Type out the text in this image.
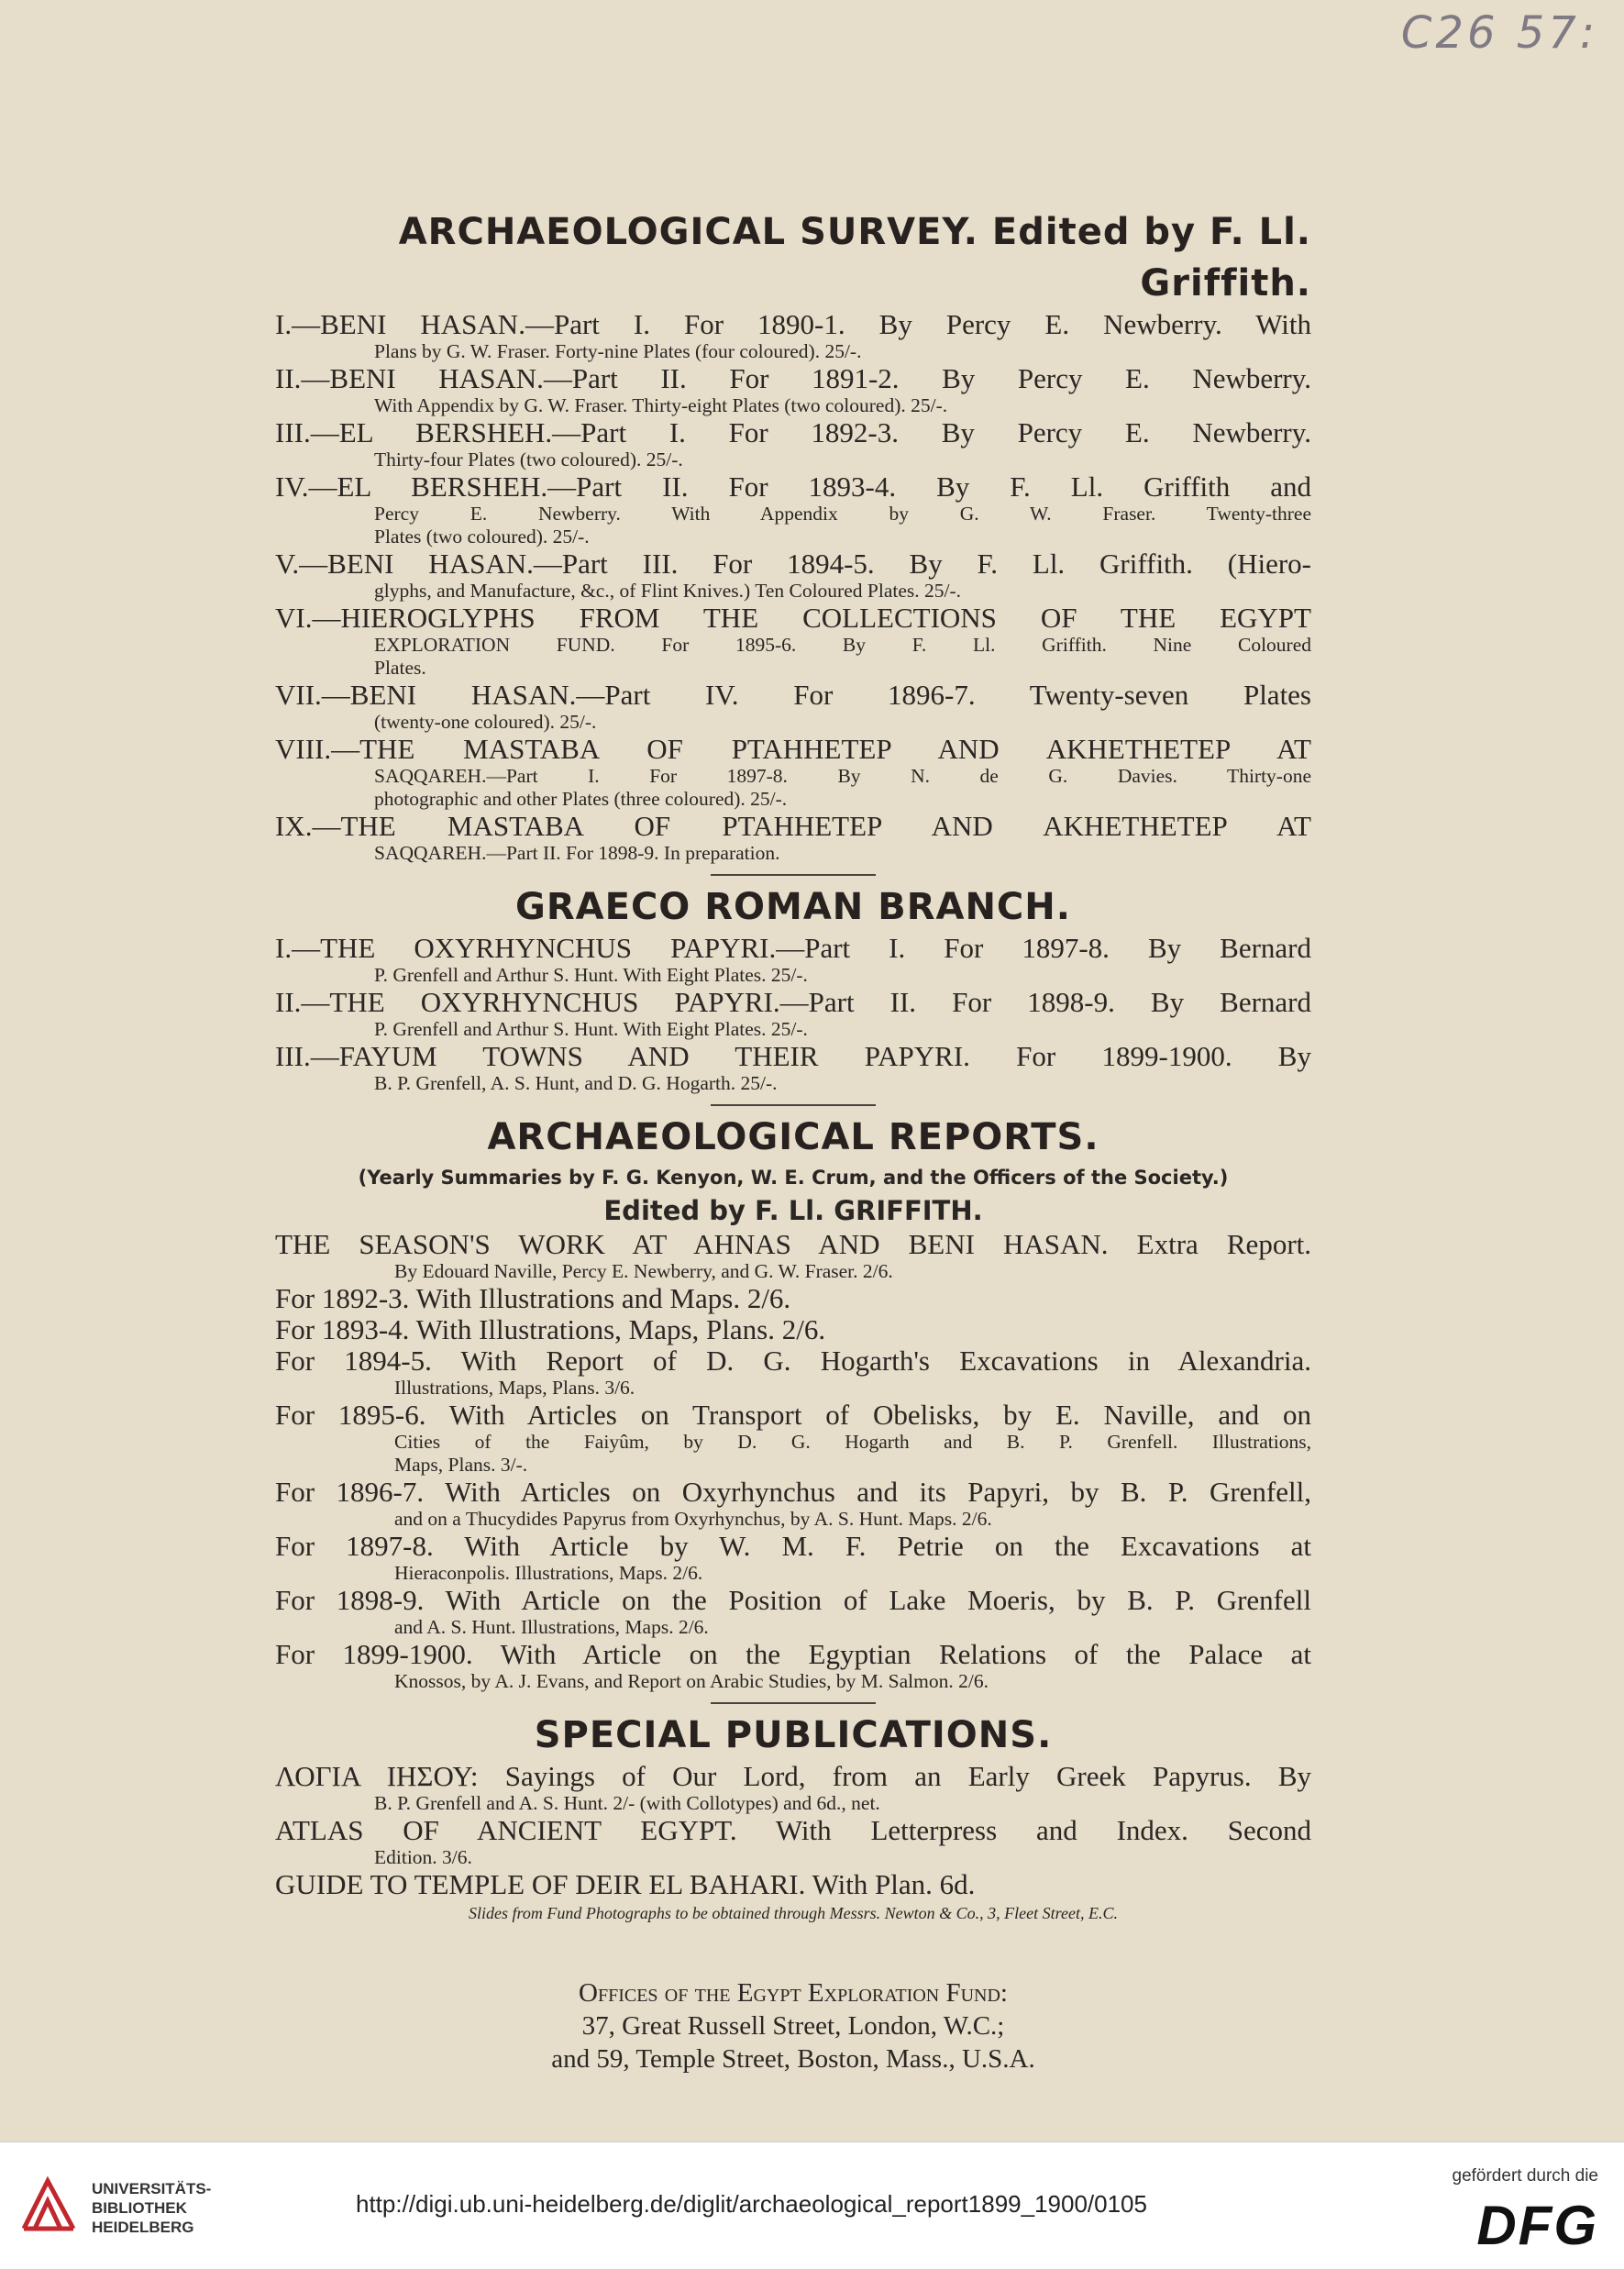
C26 57:
ARCHAEOLOGICAL SURVEY. Edited by F. Ll. Griffith.
I.—BENI HASAN.—Part I. For 1890-1. By Percy E. Newberry. With
Plans by G. W. Fraser. Forty-nine Plates (four coloured). 25/-.
II.—BENI HASAN.—Part II. For 1891-2. By Percy E. Newberry.
With Appendix by G. W. Fraser. Thirty-eight Plates (two coloured). 25/-.
III.—EL BERSHEH.—Part I. For 1892-3. By Percy E. Newberry.
Thirty-four Plates (two coloured). 25/-.
IV.—EL BERSHEH.—Part II. For 1893-4. By F. Ll. Griffith and
Percy E. Newberry. With Appendix by G. W. Fraser. Twenty-three
Plates (two coloured). 25/-.
V.—BENI HASAN.—Part III. For 1894-5. By F. Ll. Griffith. (Hiero-
glyphs, and Manufacture, &c., of Flint Knives.) Ten Coloured Plates. 25/-.
VI.—HIEROGLYPHS FROM THE COLLECTIONS OF THE EGYPT
EXPLORATION FUND. For 1895-6. By F. Ll. Griffith. Nine Coloured
Plates.
VII.—BENI HASAN.—Part IV. For 1896-7. Twenty-seven Plates
(twenty-one coloured). 25/-.
VIII.—THE MASTABA OF PTAHHETEP AND AKHETHETEP AT
SAQQAREH.—Part I. For 1897-8. By N. de G. Davies. Thirty-one
photographic and other Plates (three coloured). 25/-.
IX.—THE MASTABA OF PTAHHETEP AND AKHETHETEP AT
SAQQAREH.—Part II. For 1898-9. In preparation.
GRAECO ROMAN BRANCH.
I.—THE OXYRHYNCHUS PAPYRI.—Part I. For 1897-8. By Bernard
P. Grenfell and Arthur S. Hunt. With Eight Plates. 25/-.
II.—THE OXYRHYNCHUS PAPYRI.—Part II. For 1898-9. By Bernard
P. Grenfell and Arthur S. Hunt. With Eight Plates. 25/-.
III.—FAYUM TOWNS AND THEIR PAPYRI. For 1899-1900. By
B. P. Grenfell, A. S. Hunt, and D. G. Hogarth. 25/-.
ARCHAEOLOGICAL REPORTS.
(Yearly Summaries by F. G. Kenyon, W. E. Crum, and the Officers of the Society.)
Edited by F. Ll. GRIFFITH.
THE SEASON'S WORK AT AHNAS AND BENI HASAN. Extra Report.
By Edouard Naville, Percy E. Newberry, and G. W. Fraser. 2/6.
For 1892-3. With Illustrations and Maps. 2/6.
For 1893-4. With Illustrations, Maps, Plans. 2/6.
For 1894-5. With Report of D. G. Hogarth's Excavations in Alexandria.
Illustrations, Maps, Plans. 3/6.
For 1895-6. With Articles on Transport of Obelisks, by E. Naville, and on
Cities of the Faiyûm, by D. G. Hogarth and B. P. Grenfell. Illustrations,
Maps, Plans. 3/-.
For 1896-7. With Articles on Oxyrhynchus and its Papyri, by B. P. Grenfell,
and on a Thucydides Papyrus from Oxyrhynchus, by A. S. Hunt. Maps. 2/6.
For 1897-8. With Article by W. M. F. Petrie on the Excavations at
Hieraconpolis. Illustrations, Maps. 2/6.
For 1898-9. With Article on the Position of Lake Moeris, by B. P. Grenfell
and A. S. Hunt. Illustrations, Maps. 2/6.
For 1899-1900. With Article on the Egyptian Relations of the Palace at
Knossos, by A. J. Evans, and Report on Arabic Studies, by M. Salmon. 2/6.
SPECIAL PUBLICATIONS.
ΛΟΓΙΑ ΙΗΣΟΥ: Sayings of Our Lord, from an Early Greek Papyrus. By
B. P. Grenfell and A. S. Hunt. 2/- (with Collotypes) and 6d., net.
ATLAS OF ANCIENT EGYPT. With Letterpress and Index. Second
Edition. 3/6.
GUIDE TO TEMPLE OF DEIR EL BAHARI. With Plan. 6d.
Slides from Fund Photographs to be obtained through Messrs. Newton & Co., 3, Fleet Street, E.C.
Offices of the Egypt Exploration Fund:
37, Great Russell Street, London, W.C.;
and 59, Temple Street, Boston, Mass., U.S.A.
UNIVERSITÄTS-
BIBLIOTHEK
HEIDELBERG
http://digi.ub.uni-heidelberg.de/diglit/archaeological_report1899_1900/0105
gefördert durch die
DFG
